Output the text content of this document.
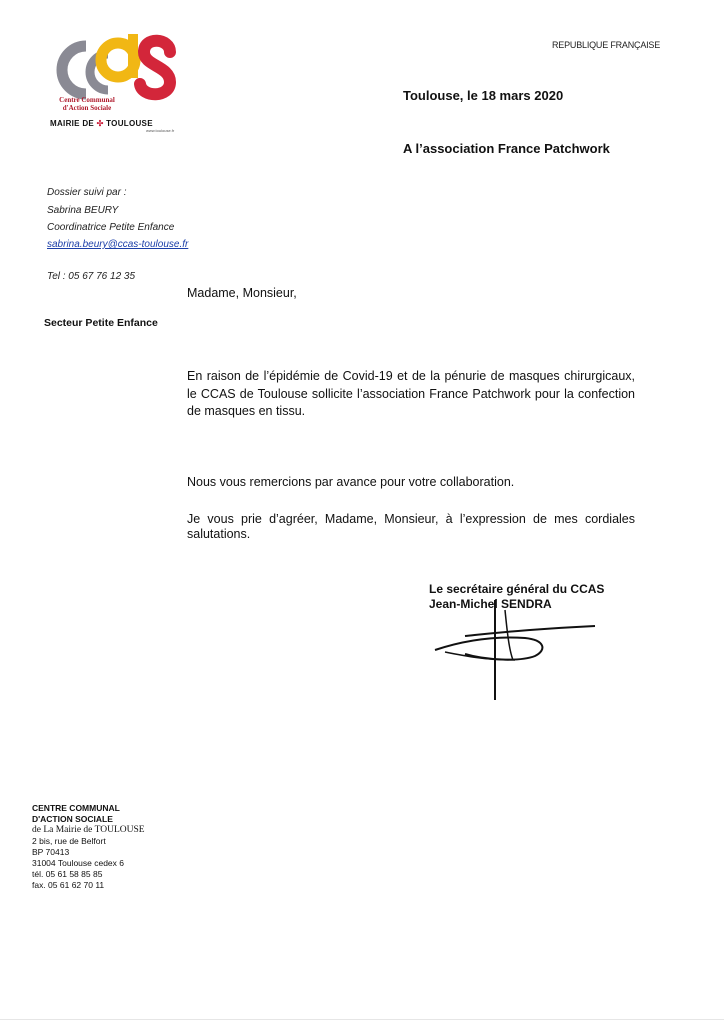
Centre Communal
d'Action Sociale
MAIRIE DE ✣ TOULOUSE
www.toulouse.fr
REPUBLIQUE FRANÇAISE
Toulouse, le 18 mars 2020
A l’association France Patchwork
Dossier suivi par :
Sabrina BEURY
Coordinatrice Petite Enfance
sabrina.beury@ccas-toulouse.fr
Tel : 05 67 76 12 35
Secteur Petite Enfance
Madame, Monsieur,
En raison de l’épidémie de Covid-19 et de la pénurie de masques chirurgicaux, le CCAS de Toulouse sollicite l’association France Patchwork pour la confection de masques en tissu.
Nous vous remercions par avance pour votre collaboration.
Je vous prie d’agréer, Madame, Monsieur, à l’expression de mes cordiales salutations.
Le secrétaire général du CCAS
Jean-Michel SENDRA
CENTRE COMMUNAL
D'ACTION SOCIALE
de La Mairie de TOULOUSE
2 bis, rue de Belfort
BP 70413
31004 Toulouse cedex 6
tél. 05 61 58 85 85
fax. 05 61 62 70 11
